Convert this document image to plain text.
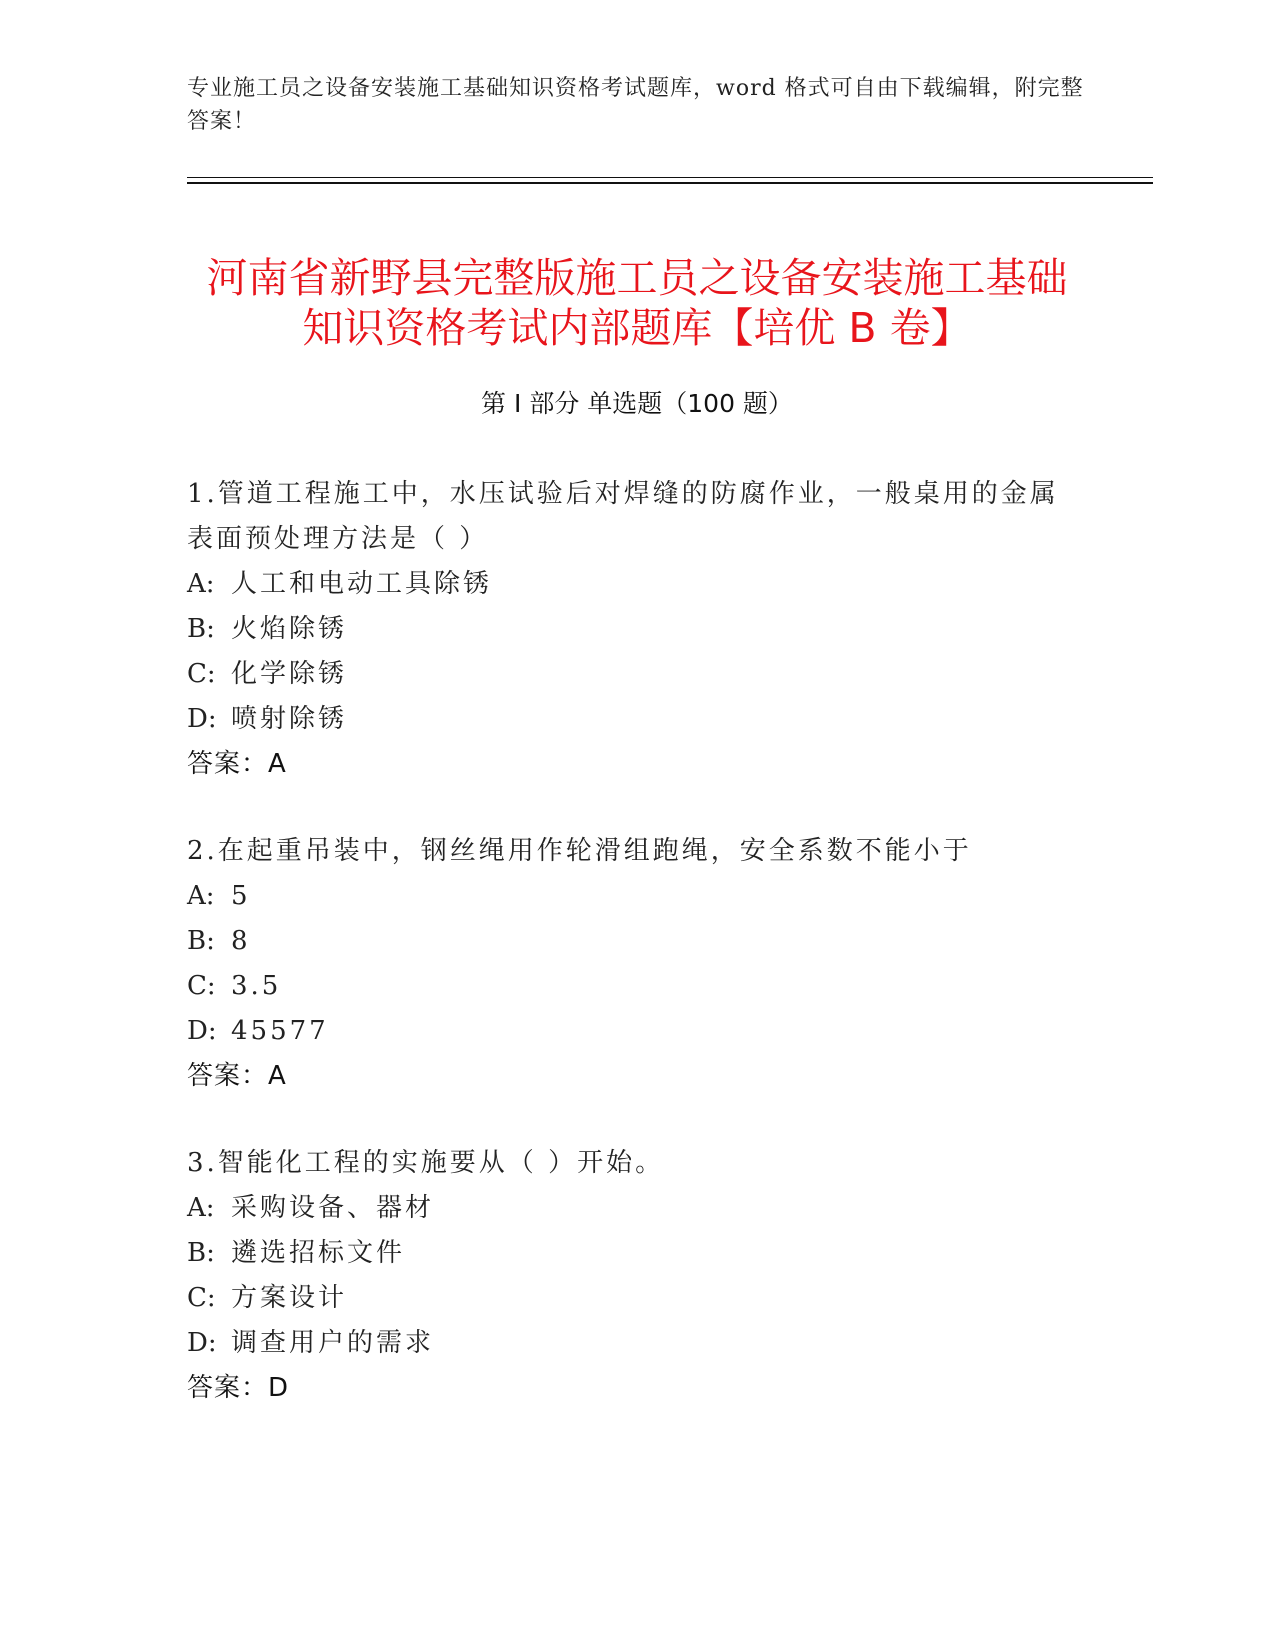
专业施工员之设备安装施工基础知识资格考试题库，word 格式可自由下载编辑，附完整答案！
河南省新野县完整版施工员之设备安装施工基础知识资格考试内部题库【培优 B 卷】
第 I 部分 单选题（100 题）
1.管道工程施工中，水压试验后对焊缝的防腐作业，一般桌用的金属表面预处理方法是（ ）
A: 人工和电动工具除锈
B: 火焰除锈
C: 化学除锈
D: 喷射除锈
答案：A
2.在起重吊装中，钢丝绳用作轮滑组跑绳，安全系数不能小于
A: 5
B: 8
C: 3.5
D: 45577
答案：A
3.智能化工程的实施要从（ ）开始。
A: 采购设备、器材
B: 遴选招标文件
C: 方案设计
D: 调查用户的需求
答案：D
